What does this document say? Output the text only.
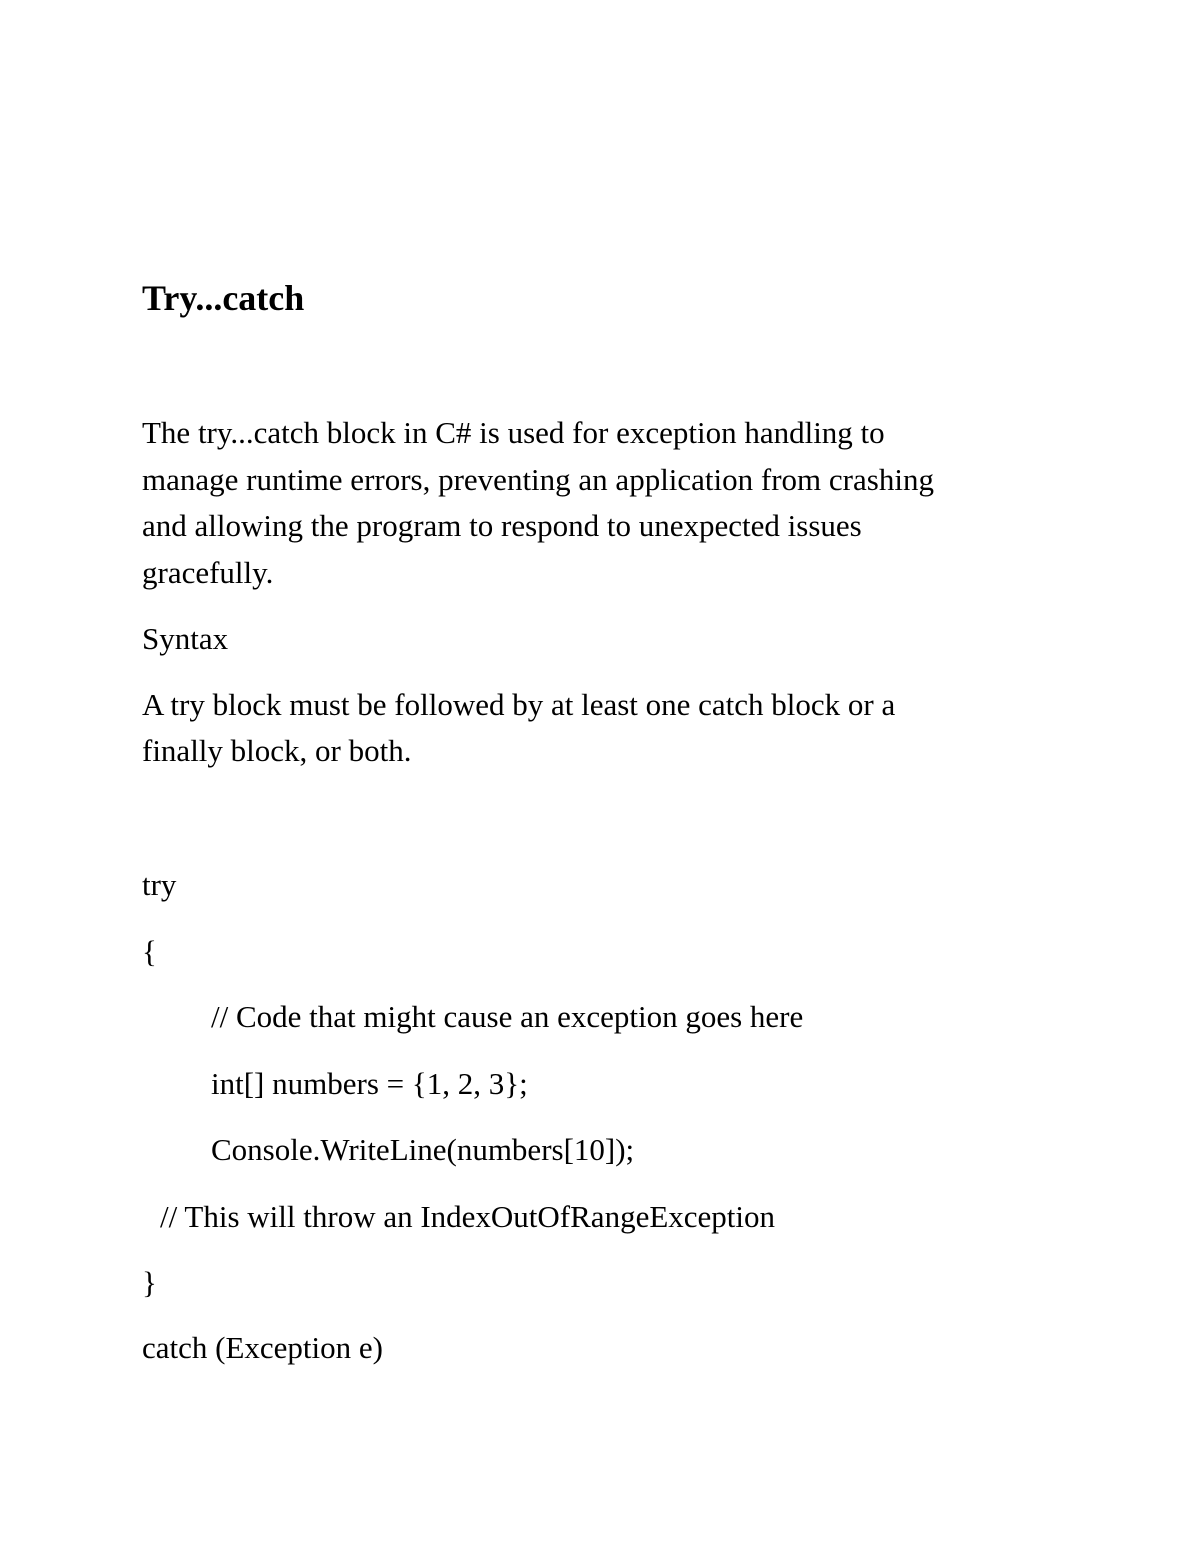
Try...catch
The try...catch block in C# is used for exception handling to
manage runtime errors, preventing an application from crashing
and allowing the program to respond to unexpected issues
gracefully.
Syntax
A try block must be followed by at least one catch block or a
finally block, or both.
try
{
// Code that might cause an exception goes here
int[] numbers = {1, 2, 3};
Console.WriteLine(numbers[10]);
// This will throw an IndexOutOfRangeException
}
catch (Exception e)
